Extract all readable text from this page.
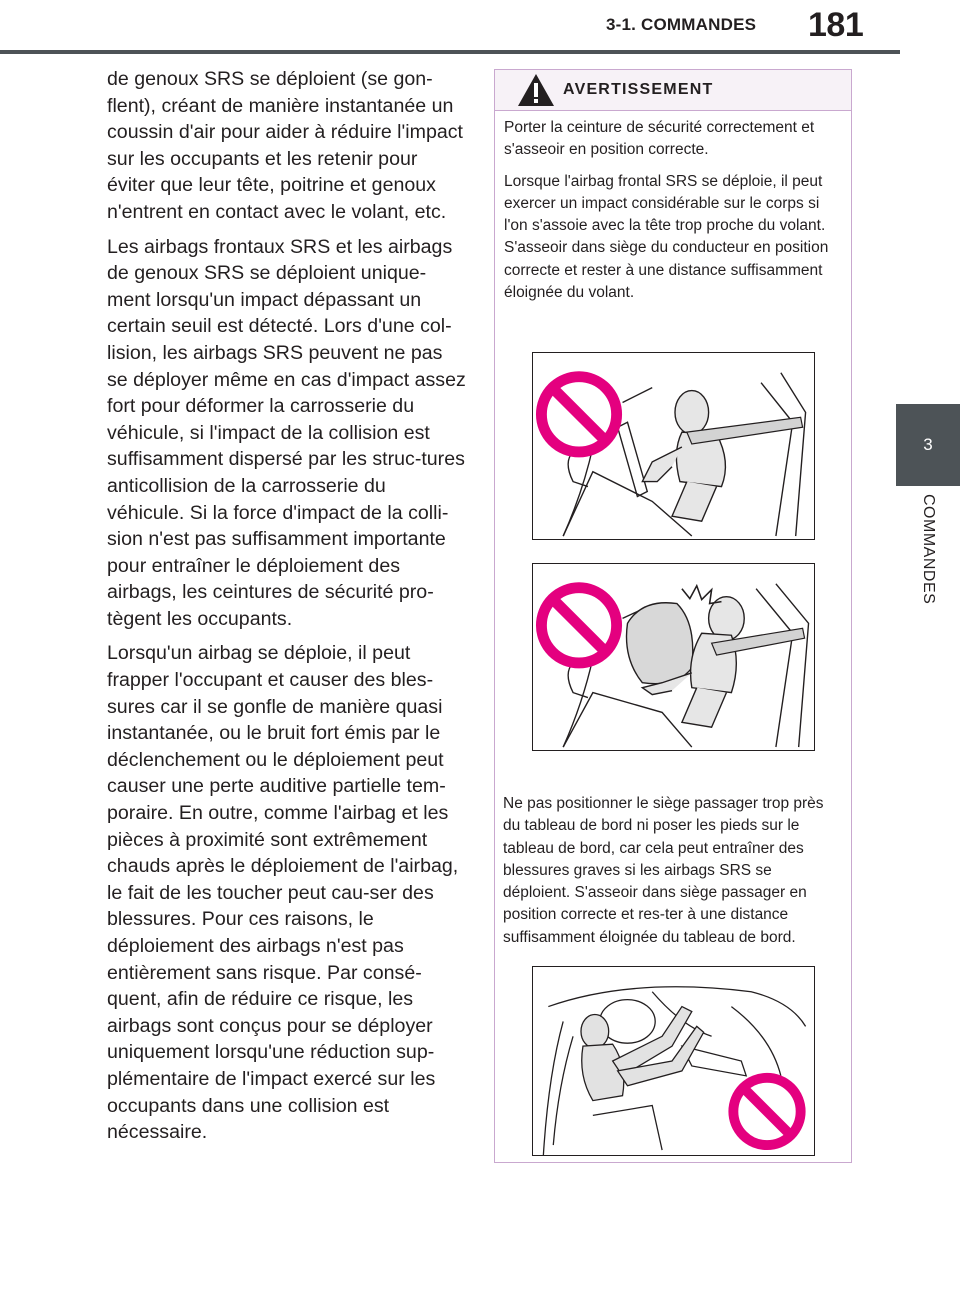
3-1. COMMANDES 181
3
COMMANDES

de genoux SRS se déploient (se gon-flent), créant de manière instantanée un coussin d'air pour aider à réduire l'impact sur les occupants et les retenir pour éviter que leur tête, poitrine et genoux n'entrent en contact avec le volant, etc.

Les airbags frontaux SRS et les airbags de genoux SRS se déploient unique-ment lorsqu'un impact dépassant un certain seuil est détecté. Lors d'une col-lision, les airbags SRS peuvent ne pas se déployer même en cas d'impact assez fort pour déformer la carrosserie du véhicule, si l'impact de la collision est suffisamment dispersé par les struc-tures anticollision de la carrosserie du véhicule. Si la force d'impact de la colli-sion n'est pas suffisamment importante pour entraîner le déploiement des airbags, les ceintures de sécurité pro-tègent les occupants.

Lorsqu'un airbag se déploie, il peut frapper l'occupant et causer des bles-sures car il se gonfle de manière quasi instantanée, ou le bruit fort émis par le déclenchement ou le déploiement peut causer une perte auditive partielle tem-poraire. En outre, comme l'airbag et les pièces à proximité sont extrêmement chauds après le déploiement de l'airbag, le fait de les toucher peut cau-ser des blessures. Pour ces raisons, le déploiement des airbags n'est pas entièrement sans risque. Par consé-quent, afin de réduire ce risque, les airbags sont conçus pour se déployer uniquement lorsqu'une réduction sup-plémentaire de l'impact exercé sur les occupants dans une collision est nécessaire.

AVERTISSEMENT

Porter la ceinture de sécurité correctement et s'asseoir en position correcte.

Lorsque l'airbag frontal SRS se déploie, il peut exercer un impact considérable sur le corps si l'on s'assoie avec la tête trop proche du volant. S'asseoir dans siège du conducteur en position correcte et rester à une distance suffisamment éloignée du volant.

Ne pas positionner le siège passager trop près du tableau de bord ni poser les pieds sur le tableau de bord, car cela peut entraîner des blessures graves si les airbags SRS se déploient. S'asseoir dans siège passager en position correcte et res-ter à une distance suffisamment éloignée du tableau de bord.
